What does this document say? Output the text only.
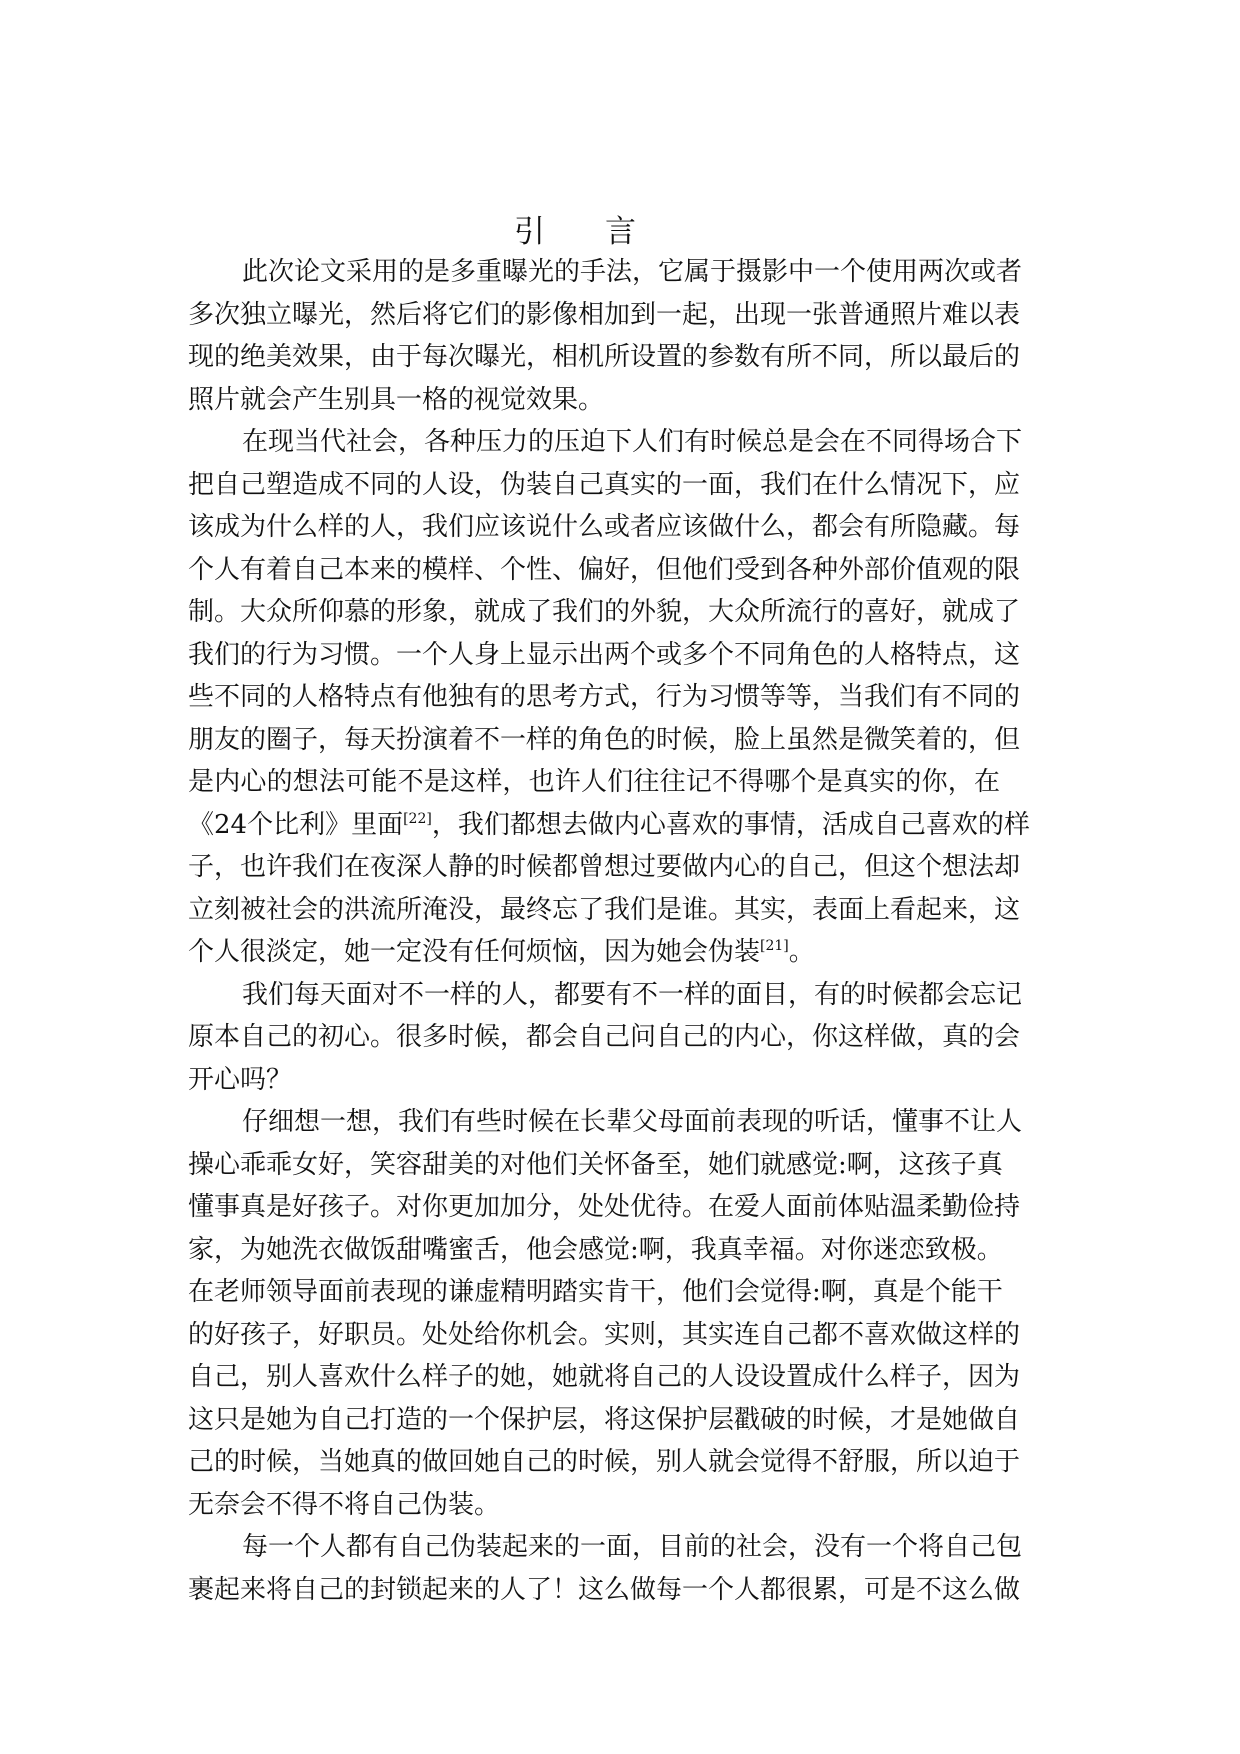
引 言
此次论文采用的是多重曝光的手法，它属于摄影中一个使用两次或者
多次独立曝光，然后将它们的影像相加到一起，出现一张普通照片难以表
现的绝美效果，由于每次曝光，相机所设置的参数有所不同，所以最后的
照片就会产生别具一格的视觉效果。
在现当代社会，各种压力的压迫下人们有时候总是会在不同得场合下
把自己塑造成不同的人设，伪装自己真实的一面，我们在什么情况下，应
该成为什么样的人，我们应该说什么或者应该做什么，都会有所隐藏。每
个人有着自己本来的模样、个性、偏好，但他们受到各种外部价值观的限
制。大众所仰慕的形象，就成了我们的外貌，大众所流行的喜好，就成了
我们的行为习惯。一个人身上显示出两个或多个不同角色的人格特点，这
些不同的人格特点有他独有的思考方式，行为习惯等等，当我们有不同的
朋友的圈子，每天扮演着不一样的角色的时候，脸上虽然是微笑着的，但
是内心的想法可能不是这样，也许人们往往记不得哪个是真实的你，在
《24个比利》里面[22]，我们都想去做内心喜欢的事情，活成自己喜欢的样
子，也许我们在夜深人静的时候都曾想过要做内心的自己，但这个想法却
立刻被社会的洪流所淹没，最终忘了我们是谁。其实，表面上看起来，这
个人很淡定，她一定没有任何烦恼，因为她会伪装[21]。
我们每天面对不一样的人，都要有不一样的面目，有的时候都会忘记
原本自己的初心。很多时候，都会自己问自己的内心，你这样做，真的会
开心吗？
仔细想一想，我们有些时候在长辈父母面前表现的听话，懂事不让人
操心乖乖女好，笑容甜美的对他们关怀备至，她们就感觉:啊，这孩子真
懂事真是好孩子。对你更加加分，处处优待。在爱人面前体贴温柔勤俭持
家，为她洗衣做饭甜嘴蜜舌，他会感觉:啊，我真幸福。对你迷恋致极。
在老师领导面前表现的谦虚精明踏实肯干，他们会觉得:啊，真是个能干
的好孩子，好职员。处处给你机会。实则，其实连自己都不喜欢做这样的
自己，别人喜欢什么样子的她，她就将自己的人设设置成什么样子，因为
这只是她为自己打造的一个保护层，将这保护层戳破的时候，才是她做自
己的时候，当她真的做回她自己的时候，别人就会觉得不舒服，所以迫于
无奈会不得不将自己伪装。
每一个人都有自己伪装起来的一面，目前的社会，没有一个将自己包
裹起来将自己的封锁起来的人了！这么做每一个人都很累，可是不这么做
